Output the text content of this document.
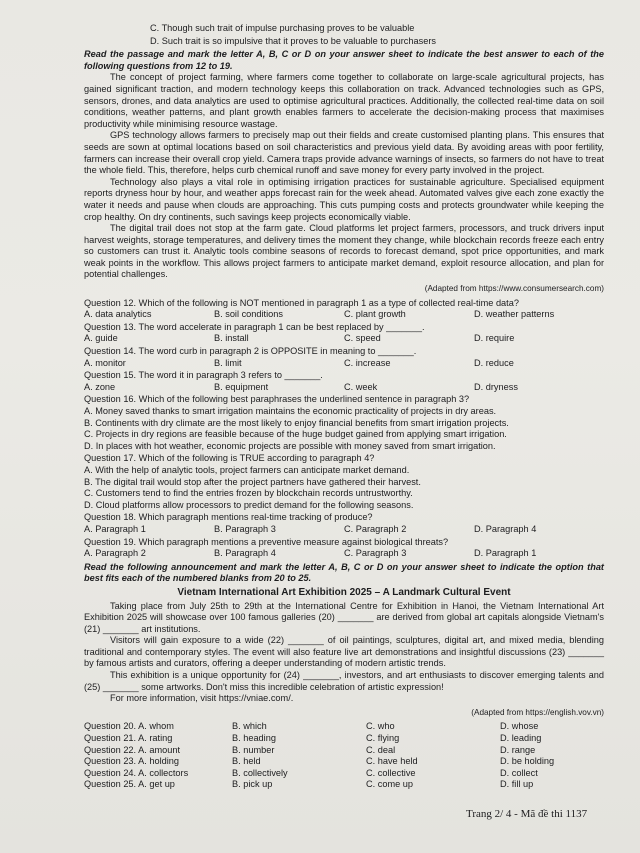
C. Though such trait of impulse purchasing proves to be valuable
D. Such trait is so impulsive that it proves to be valuable to purchasers

Read the passage and mark the letter A, B, C or D on your answer sheet to indicate the best answer to each of the following questions from 12 to 19.

The concept of project farming, where farmers come together to collaborate on large-scale agricultural projects, has gained significant traction, and modern technology keeps this collaboration on track. Advanced technologies such as GPS, sensors, drones, and data analytics are used to optimise agricultural practices. Additionally, the collected real-time data on soil conditions, weather patterns, and plant growth enables farmers to accelerate the decision-making process that maximises productivity while minimising resource wastage.

GPS technology allows farmers to precisely map out their fields and create customised planting plans. This ensures that seeds are sown at optimal locations based on soil characteristics and previous yield data. By avoiding areas with poor fertility, farmers can increase their overall crop yield. Camera traps provide advance warnings of insects, so farmers do not have to treat the whole field. This, therefore, helps curb chemical runoff and save money for every party involved in the project.

Technology also plays a vital role in optimising irrigation practices for sustainable agriculture. Specialised equipment reports dryness hour by hour, and weather apps forecast rain for the week ahead. Automated valves give each zone exactly the water it needs and pause when clouds are approaching. This cuts pumping costs and protects groundwater while keeping the crop healthy. On dry continents, such savings keep projects economically viable.

The digital trail does not stop at the farm gate. Cloud platforms let project farmers, processors, and truck drivers input harvest weights, storage temperatures, and delivery times the moment they change, while blockchain records freeze each entry so customers can trust it. Analytic tools combine seasons of records to forecast demand, spot price opportunities, and mark weak points in the workflow. This allows project farmers to anticipate market demand, exploit resource allocation, and plan for potential challenges.

(Adapted from https://www.consumersearch.com)
Question 12. Which of the following is NOT mentioned in paragraph 1 as a type of collected real-time data?
A. data analytics	B. soil conditions	C. plant growth	D. weather patterns
Question 13. The word accelerate in paragraph 1 can be best replaced by _______.
A. guide	B. install	C. speed	D. require
Question 14. The word curb in paragraph 2 is OPPOSITE in meaning to _______.
A. monitor	B. limit	C. increase	D. reduce
Question 15. The word it in paragraph 3 refers to _______.
A. zone	B. equipment	C. week	D. dryness
Question 16. Which of the following best paraphrases the underlined sentence in paragraph 3?
A. Money saved thanks to smart irrigation maintains the economic practicality of projects in dry areas.
B. Continents with dry climate are the most likely to enjoy financial benefits from smart irrigation projects.
C. Projects in dry regions are feasible because of the huge budget gained from applying smart irrigation.
D. In places with hot weather, economic projects are possible with money saved from smart irrigation.
Question 17. Which of the following is TRUE according to paragraph 4?
A. With the help of analytic tools, project farmers can anticipate market demand.
B. The digital trail would stop after the project partners have gathered their harvest.
C. Customers tend to find the entries frozen by blockchain records untrustworthy.
D. Cloud platforms allow processors to predict demand for the following seasons.
Question 18. Which paragraph mentions real-time tracking of produce?
A. Paragraph 1	B. Paragraph 3	C. Paragraph 2	D. Paragraph 4
Question 19. Which paragraph mentions a preventive measure against biological threats?
A. Paragraph 2	B. Paragraph 4	C. Paragraph 3	D. Paragraph 1

Read the following announcement and mark the letter A, B, C or D on your answer sheet to indicate the option that best fits each of the numbered blanks from 20 to 25.

Vietnam International Art Exhibition 2025 – A Landmark Cultural Event

Taking place from July 25th to 29th at the International Centre for Exhibition in Hanoi, the Vietnam International Art Exhibition 2025 will showcase over 100 famous galleries (20) _______ are derived from global art capitals alongside Vietnam's (21) _______ art institutions.

Visitors will gain exposure to a wide (22) _______ of oil paintings, sculptures, digital art, and mixed media, blending traditional and contemporary styles. The event will also feature live art demonstrations and insightful discussions (23) _______ by famous artists and curators, offering a deeper understanding of modern artistic trends.

This exhibition is a unique opportunity for (24) _______, investors, and art enthusiasts to discover emerging talents and (25) _______ some artworks. Don't miss this incredible celebration of artistic expression!

For more information, visit https://vniae.com/.

(Adapted from https://english.vov.vn)
Question 20. A. whom	B. which	C. who	D. whose
Question 21. A. rating	B. heading	C. flying	D. leading
Question 22. A. amount	B. number	C. deal	D. range
Question 23. A. holding	B. held	C. have held	D. be holding
Question 24. A. collectors	B. collectively	C. collective	D. collect
Question 25. A. get up	B. pick up	C. come up	D. fill up
Trang 2/ 4 - Mã đề thi 1137
